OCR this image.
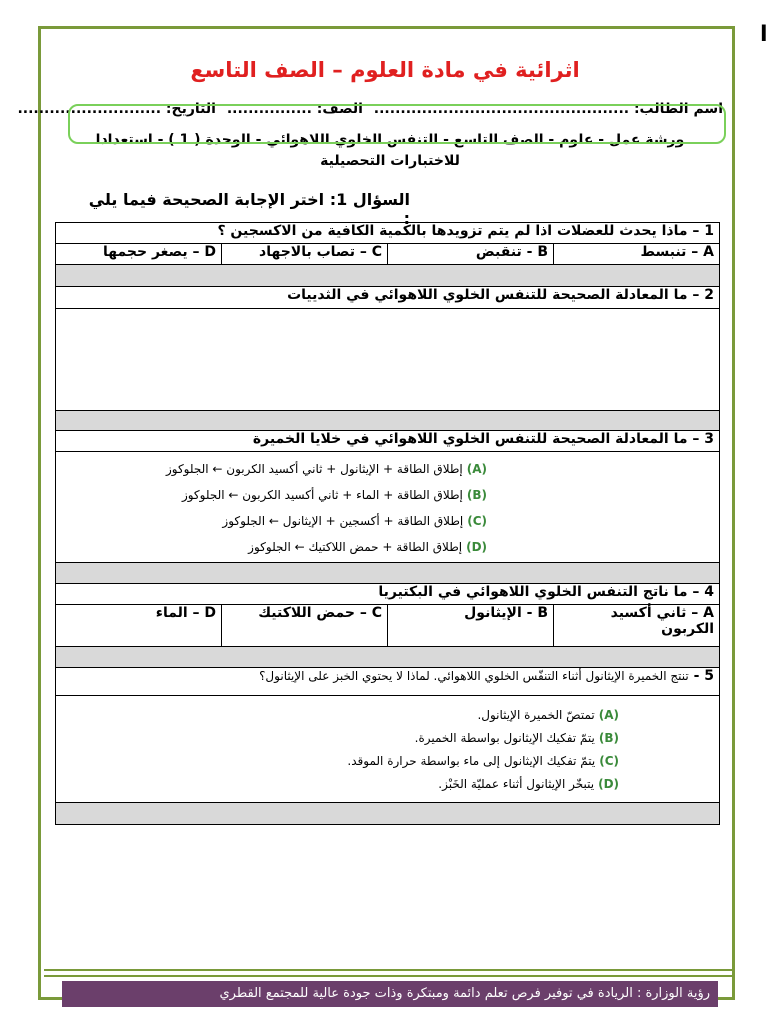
ا
اثرائية في مادة العلوم – الصف التاسع
اسم الطالب: ................................................ الصف: ................ التاريخ: ...........................
ورشة عمل - علوم - الصف التاسع - التنفس الخلوي اللاهوائي - الوحدة ( 1 ) - استعدادا
للاختبارات التحصيلية
السؤال 1: اختر الإجابة الصحيحة فيما يلي :
1 – ماذا يحدث للعضلات اذا لم يتم تزويدها بالكمية الكافية من الاكسجين ؟			
A – تنبسط	B - تنقبض	C – تصاب بالاجهاد	D – يصغر حجمها

2 – ما المعادلة الصحيحة للتنفس الخلوي اللاهوائي في الثدييات			

3 – ما المعادلة الصحيحة للتنفس الخلوي اللاهوائي في خلايا الخميرة			

(A)إطلاق الطاقة + الإيثانول + ثاني أكسيد الكربون ← الجلوكوز
(B)إطلاق الطاقة + الماء + ثاني أكسيد الكربون ← الجلوكوز
(C)إطلاق الطاقة + أكسجين + الإيثانول ← الجلوكوز
(D)إطلاق الطاقة + حمض اللاكتيك ← الجلوكوز			

4 – ما ناتج التنفس الخلوي اللاهوائي في البكتيريا			
A – ثاني أكسيد الكربون	B - الإيثانول	C – حمض اللاكتيك	D – الماء

5 - تنتج الخميرة الإيثانول أثناء التنفّس الخلوي اللاهوائي. لماذا لا يحتوي الخبز على الإيثانول؟			

(A)تمتصّ الخميرة الإيثانول.
(B)يتمّ تفكيك الإيثانول بواسطة الخميرة.
(C)يتمّ تفكيك الإيثانول إلى ماء بواسطة حرارة الموقد.
(D)يتبخّر الإيثانول أثناء عمليّة الخَبْز.			

رؤية الوزارة : الريادة في توفير فرص تعلم دائمة ومبتكرة وذات جودة عالية للمجتمع القطري
